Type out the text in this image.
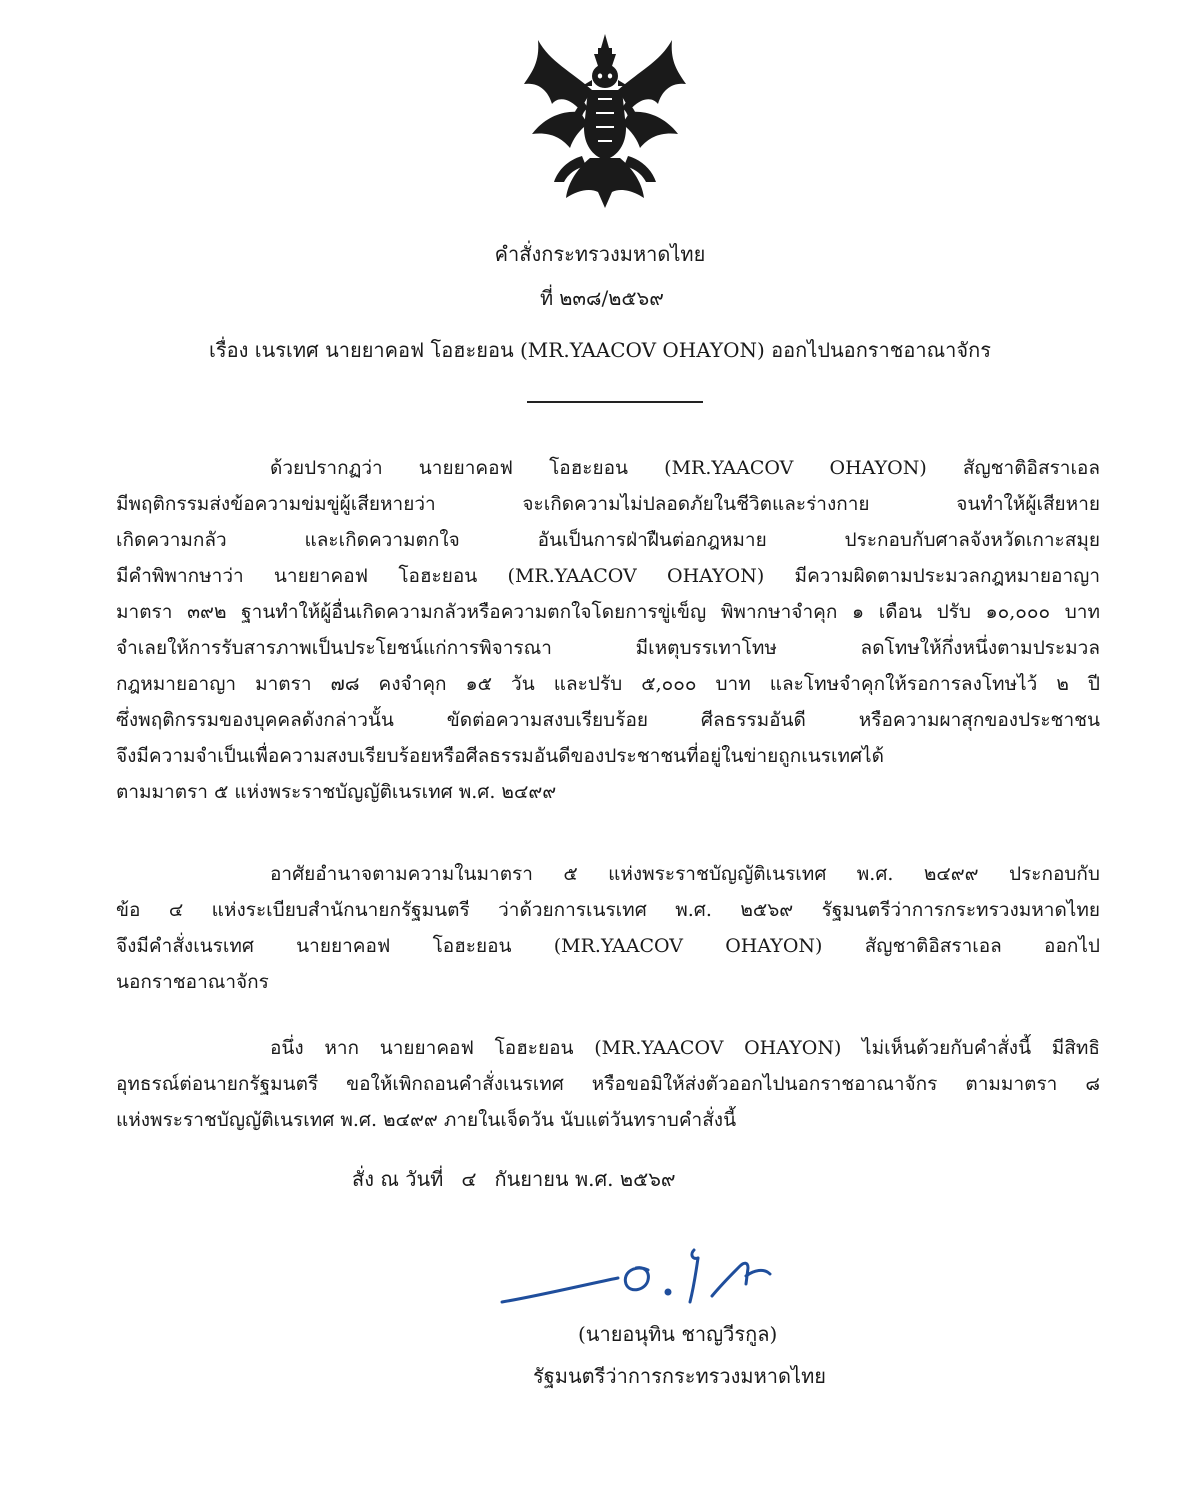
คำสั่งกระทรวงมหาดไทย
ที่ ๒๓๘/๒๕๖๙
เรื่อง เนรเทศ นายยาคอฟ โอฮะยอน (MR.YAACOV OHAYON) ออกไปนอกราชอาณาจักร
ด้วยปรากฏว่า นายยาคอฟ โอฮะยอน (MR.YAACOV OHAYON) สัญชาติอิสราเอล
มีพฤติกรรมส่งข้อความข่มขู่ผู้เสียหายว่า จะเกิดความไม่ปลอดภัยในชีวิตและร่างกาย จนทำให้ผู้เสียหาย
เกิดความกลัว และเกิดความตกใจ อันเป็นการฝ่าฝืนต่อกฎหมาย ประกอบกับศาลจังหวัดเกาะสมุย
มีคำพิพากษาว่า นายยาคอฟ โอฮะยอน (MR.YAACOV OHAYON) มีความผิดตามประมวลกฎหมายอาญา
มาตรา ๓๙๒ ฐานทำให้ผู้อื่นเกิดความกลัวหรือความตกใจโดยการขู่เข็ญ พิพากษาจำคุก ๑ เดือน ปรับ ๑๐,๐๐๐ บาท
จำเลยให้การรับสารภาพเป็นประโยชน์แก่การพิจารณา มีเหตุบรรเทาโทษ ลดโทษให้กึ่งหนึ่งตามประมวล
กฎหมายอาญา มาตรา ๗๘ คงจำคุก ๑๕ วัน และปรับ ๕,๐๐๐ บาท และโทษจำคุกให้รอการลงโทษไว้ ๒ ปี
ซึ่งพฤติกรรมของบุคคลดังกล่าวนั้น ขัดต่อความสงบเรียบร้อย ศีลธรรมอันดี หรือความผาสุกของประชาชน
จึงมีความจำเป็นเพื่อความสงบเรียบร้อยหรือศีลธรรมอันดีของประชาชนที่อยู่ในข่ายถูกเนรเทศได้
ตามมาตรา ๕ แห่งพระราชบัญญัติเนรเทศ พ.ศ. ๒๔๙๙
อาศัยอำนาจตามความในมาตรา ๕ แห่งพระราชบัญญัติเนรเทศ พ.ศ. ๒๔๙๙ ประกอบกับ
ข้อ ๔ แห่งระเบียบสำนักนายกรัฐมนตรี ว่าด้วยการเนรเทศ พ.ศ. ๒๕๖๙ รัฐมนตรีว่าการกระทรวงมหาดไทย
จึงมีคำสั่งเนรเทศ นายยาคอฟ โอฮะยอน (MR.YAACOV OHAYON) สัญชาติอิสราเอล ออกไป
นอกราชอาณาจักร
อนึ่ง หาก นายยาคอฟ โอฮะยอน (MR.YAACOV OHAYON) ไม่เห็นด้วยกับคำสั่งนี้ มีสิทธิ
อุทธรณ์ต่อนายกรัฐมนตรี ขอให้เพิกถอนคำสั่งเนรเทศ หรือขอมิให้ส่งตัวออกไปนอกราชอาณาจักร ตามมาตรา ๘
แห่งพระราชบัญญัติเนรเทศ พ.ศ. ๒๔๙๙ ภายในเจ็ดวัน นับแต่วันทราบคำสั่งนี้
สั่ง ณ วันที่ ๔ กันยายน พ.ศ. ๒๕๖๙
(นายอนุทิน ชาญวีรกูล)
รัฐมนตรีว่าการกระทรวงมหาดไทย
